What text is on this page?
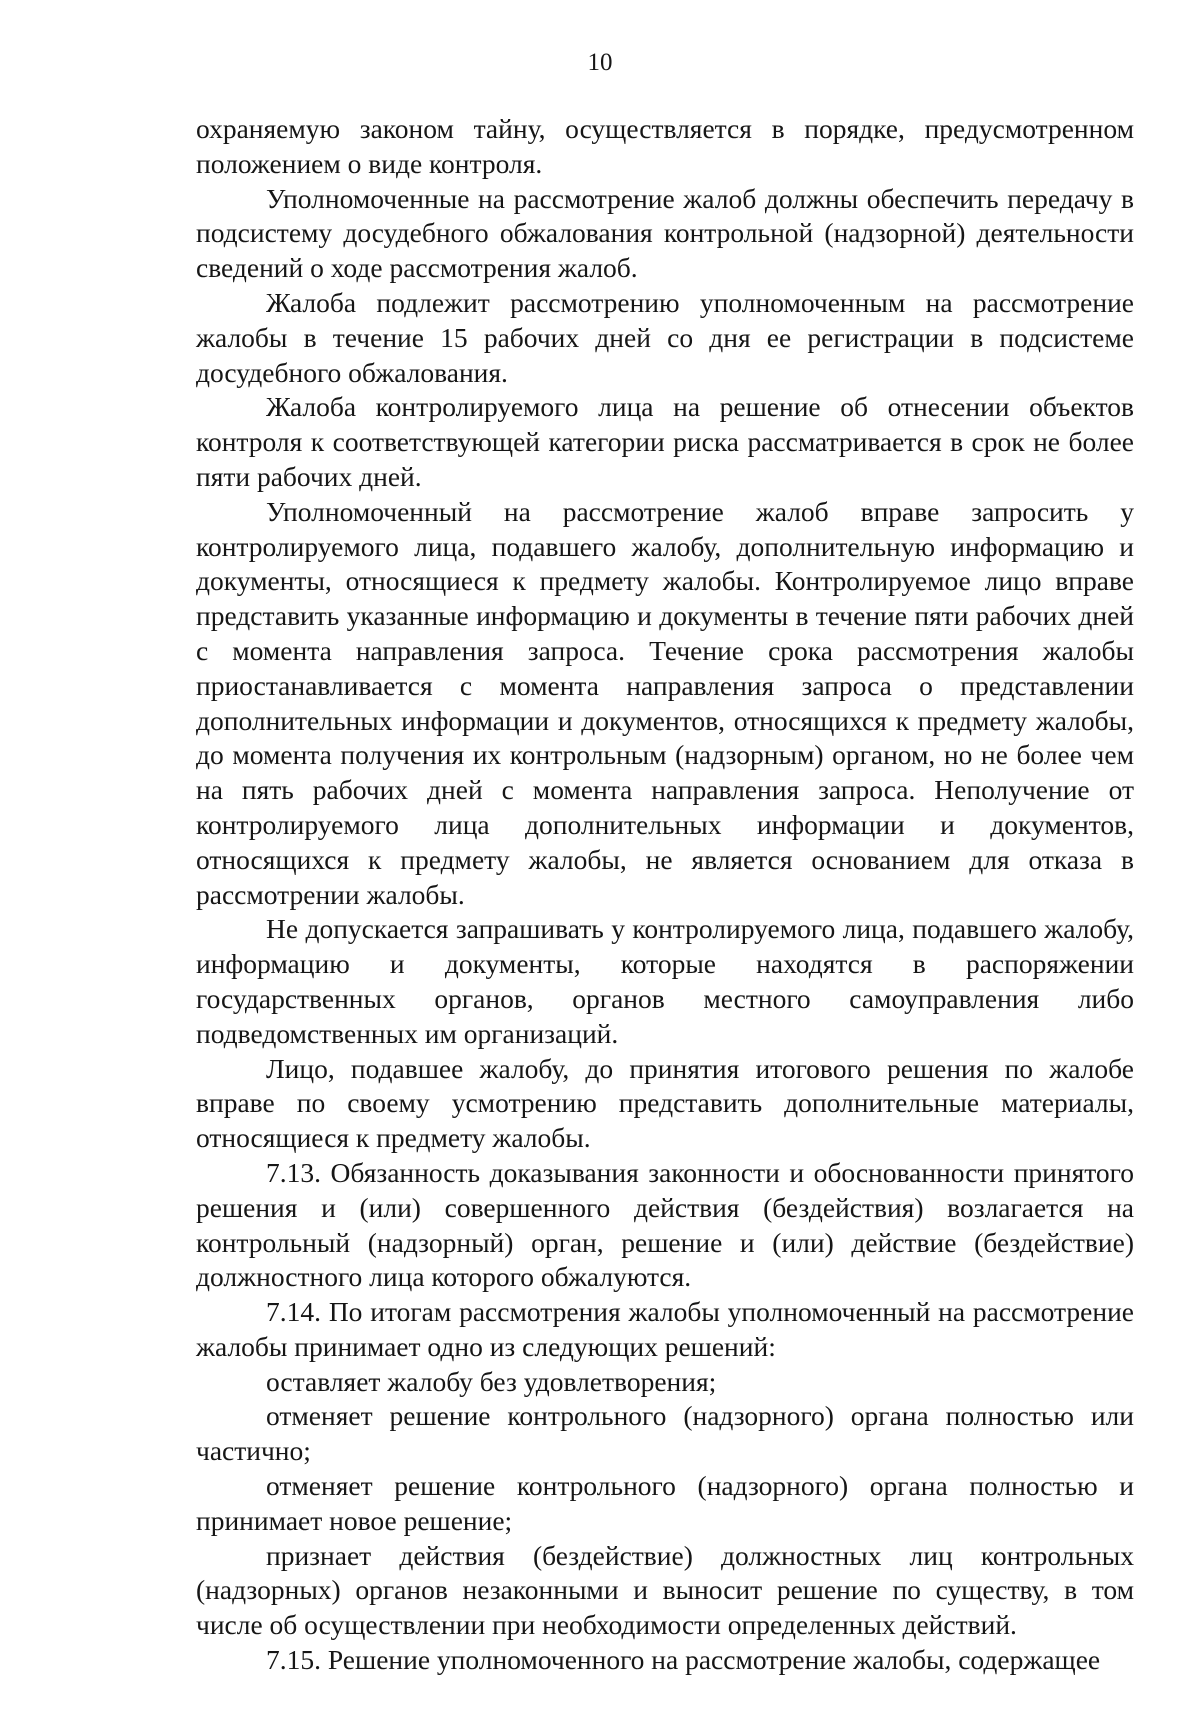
10

охраняемую законом тайну, осуществляется в порядке, предусмотренном положением о виде контроля.

Уполномоченные на рассмотрение жалоб должны обеспечить передачу в подсистему досудебного обжалования контрольной (надзорной) деятельности сведений о ходе рассмотрения жалоб.

Жалоба подлежит рассмотрению уполномоченным на рассмотрение жалобы в течение 15 рабочих дней со дня ее регистрации в подсистеме досудебного обжалования.

Жалоба контролируемого лица на решение об отнесении объектов контроля к соответствующей категории риска рассматривается в срок не более пяти рабочих дней.

Уполномоченный на рассмотрение жалоб вправе запросить у контролируемого лица, подавшего жалобу, дополнительную информацию и документы, относящиеся к предмету жалобы. Контролируемое лицо вправе представить указанные информацию и документы в течение пяти рабочих дней с момента направления запроса. Течение срока рассмотрения жалобы приостанавливается с момента направления запроса о представлении дополнительных информации и документов, относящихся к предмету жалобы, до момента получения их контрольным (надзорным) органом, но не более чем на пять рабочих дней с момента направления запроса. Неполучение от контролируемого лица дополнительных информации и документов, относящихся к предмету жалобы, не является основанием для отказа в рассмотрении жалобы.

Не допускается запрашивать у контролируемого лица, подавшего жалобу, информацию и документы, которые находятся в распоряжении государственных органов, органов местного самоуправления либо подведомственных им организаций.

Лицо, подавшее жалобу, до принятия итогового решения по жалобе вправе по своему усмотрению представить дополнительные материалы, относящиеся к предмету жалобы.

7.13. Обязанность доказывания законности и обоснованности принятого решения и (или) совершенного действия (бездействия) возлагается на контрольный (надзорный) орган, решение и (или) действие (бездействие) должностного лица которого обжалуются.

7.14. По итогам рассмотрения жалобы уполномоченный на рассмотрение жалобы принимает одно из следующих решений:

оставляет жалобу без удовлетворения;

отменяет решение контрольного (надзорного) органа полностью или частично;

отменяет решение контрольного (надзорного) органа полностью и принимает новое решение;

признает действия (бездействие) должностных лиц контрольных (надзорных) органов незаконными и выносит решение по существу, в том числе об осуществлении при необходимости определенных действий.

7.15. Решение уполномоченного на рассмотрение жалобы, содержащее
